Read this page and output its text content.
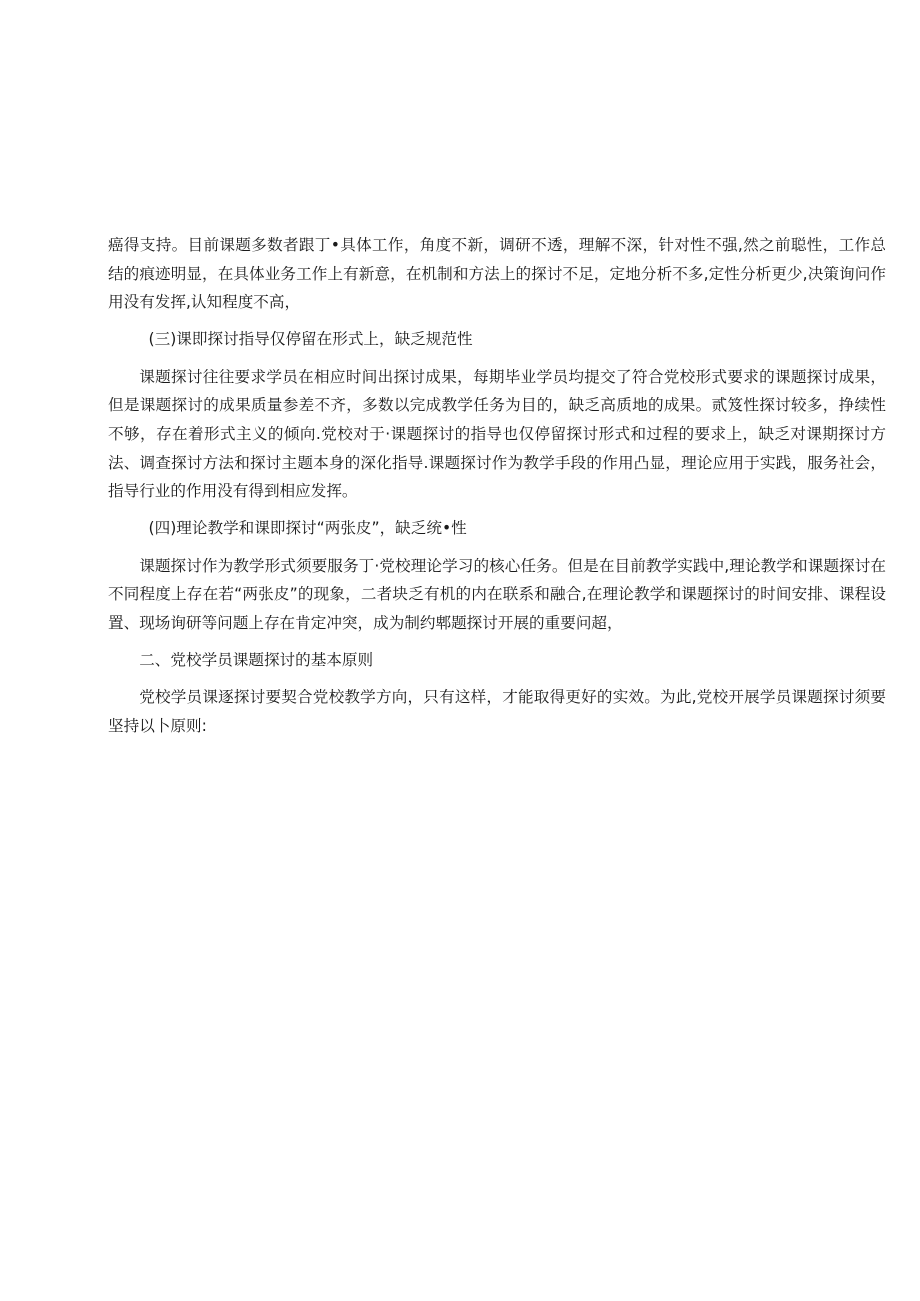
癌得支持。目前课题多数者跟丁•具体工作，角度不新，调研不透，理解不深，针对性不强,然之前聪性，工作总结的痕迹明显，在具体业务工作上有新意，在机制和方法上的探讨不足，定地分析不多,定性分析更少,决策询问作用没有发挥,认知程度不高，

(三)课即探讨指导仅停留在形式上，缺乏规范性

课题探讨往往要求学员在相应时间出探讨成果，每期毕业学员均提交了符合党校形式要求的课题探讨成果，但是课题探讨的成果质量参差不齐，多数以完成教学任务为目的，缺乏高质地的成果。贰笈性探讨较多，挣续性不够，存在着形式主义的倾向.党校对于·课题探讨的指导也仅停留探讨形式和过程的要求上，缺乏对课期探讨方法、调查探讨方法和探讨主题本身的深化指导.课题探讨作为教学手段的作用凸显，理论应用于实践，服务社会，指导行业的作用没有得到相应发挥。

(四)理论教学和课即探讨“两张皮”，缺乏统•性

课题探讨作为教学形式须要服务丁·党校理论学习的核心任务。但是在目前教学实践中,理论教学和课题探讨在不同程度上存在若“两张皮”的现象，二者块乏有机的内在联系和融合,在理论教学和课题探讨的时间安排、课程设置、现场询研等问题上存在肯定冲突，成为制约郫题探讨开展的重要问超，

二、党校学员课题探讨的基本原则

党校学员课逐探讨要契合党校教学方向，只有这样，才能取得更好的实效。为此,党校开展学员课题探讨须要坚持以卜原则:
